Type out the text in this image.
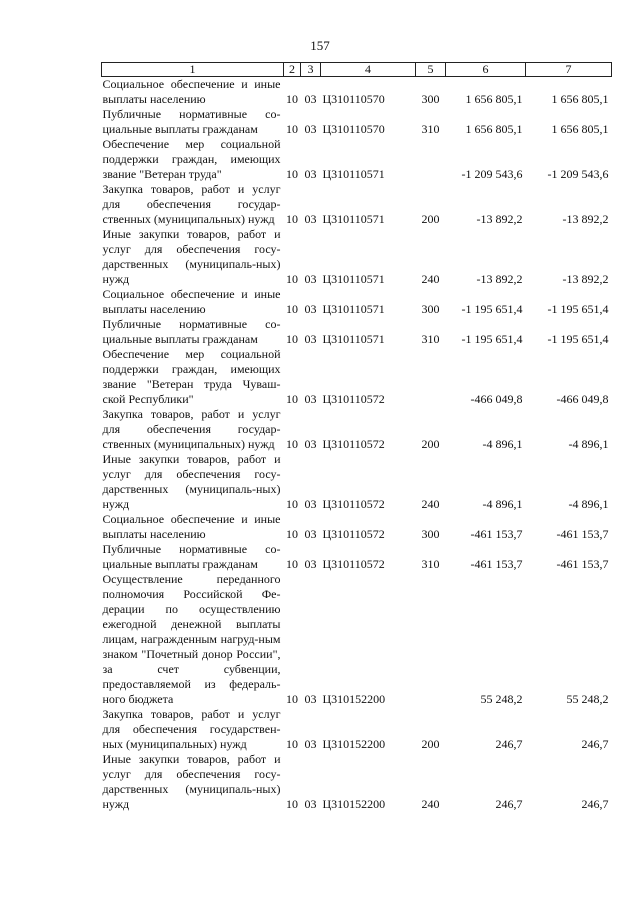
157
1	2	3	4	5	6	7
Социальное обеспечение и иные выплаты населению	10	03	Ц310110570	300	1 656 805,1	1 656 805,1
Публичные нормативные со-циальные выплаты гражданам	10	03	Ц310110570	310	1 656 805,1	1 656 805,1
Обеспечение мер социальной поддержки граждан, имеющих звание "Ветеран труда"	10	03	Ц310110571		-1 209 543,6	-1 209 543,6
Закупка товаров, работ и услуг для обеспечения государ-ственных (муниципальных) нужд	10	03	Ц310110571	200	-13 892,2	-13 892,2
Иные закупки товаров, работ и услуг для обеспечения госу-дарственных (муниципаль-ных) нужд	10	03	Ц310110571	240	-13 892,2	-13 892,2
Социальное обеспечение и иные выплаты населению	10	03	Ц310110571	300	-1 195 651,4	-1 195 651,4
Публичные нормативные со-циальные выплаты гражданам	10	03	Ц310110571	310	-1 195 651,4	-1 195 651,4
Обеспечение мер социальной поддержки граждан, имеющих звание "Ветеран труда Чуваш-ской Республики"	10	03	Ц310110572		-466 049,8	-466 049,8
Закупка товаров, работ и услуг для обеспечения государ-ственных (муниципальных) нужд	10	03	Ц310110572	200	-4 896,1	-4 896,1
Иные закупки товаров, работ и услуг для обеспечения госу-дарственных (муниципаль-ных) нужд	10	03	Ц310110572	240	-4 896,1	-4 896,1
Социальное обеспечение и иные выплаты населению	10	03	Ц310110572	300	-461 153,7	-461 153,7
Публичные нормативные со-циальные выплаты гражданам	10	03	Ц310110572	310	-461 153,7	-461 153,7
Осуществление переданного полномочия Российской Фе-дерации по осуществлению ежегодной денежной выплаты лицам, награжденным нагруд-ным знаком "Почетный донор России", за счет субвенции, предоставляемой из федераль-ного бюджета	10	03	Ц310152200		55 248,2	55 248,2
Закупка товаров, работ и услуг для обеспечения государствен-ных (муниципальных) нужд	10	03	Ц310152200	200	246,7	246,7
Иные закупки товаров, работ и услуг для обеспечения госу-дарственных (муниципаль-ных) нужд	10	03	Ц310152200	240	246,7	246,7
